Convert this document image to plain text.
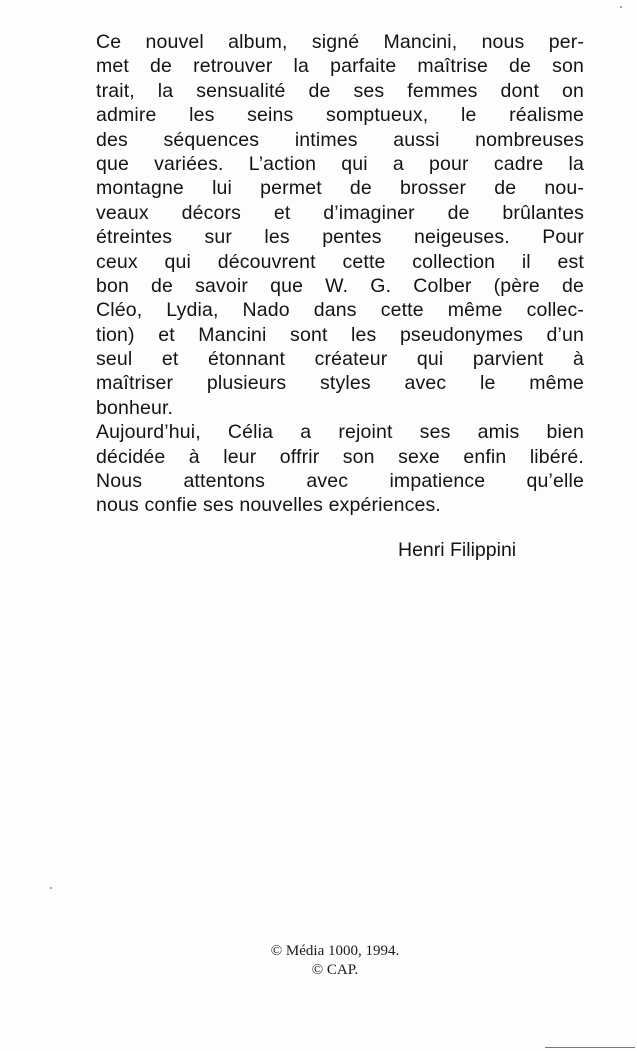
Ce nouvel album, signé Mancini, nous per-
met de retrouver la parfaite maîtrise de son
trait, la sensualité de ses femmes dont on
admire les seins somptueux, le réalisme
des séquences intimes aussi nombreuses
que variées. L’action qui a pour cadre la
montagne lui permet de brosser de nou-
veaux décors et d’imaginer de brûlantes
étreintes sur les pentes neigeuses. Pour
ceux qui découvrent cette collection il est
bon de savoir que W. G. Colber (père de
Cléo, Lydia, Nado dans cette même collec-
tion) et Mancini sont les pseudonymes d’un
seul et étonnant créateur qui parvient à
maîtriser plusieurs styles avec le même
bonheur.
Aujourd’hui, Célia a rejoint ses amis bien
décidée à leur offrir son sexe enfin libéré.
Nous attentons avec impatience qu’elle
nous confie ses nouvelles expériences.
Henri Filippini
© Média 1000, 1994.
© CAP.
